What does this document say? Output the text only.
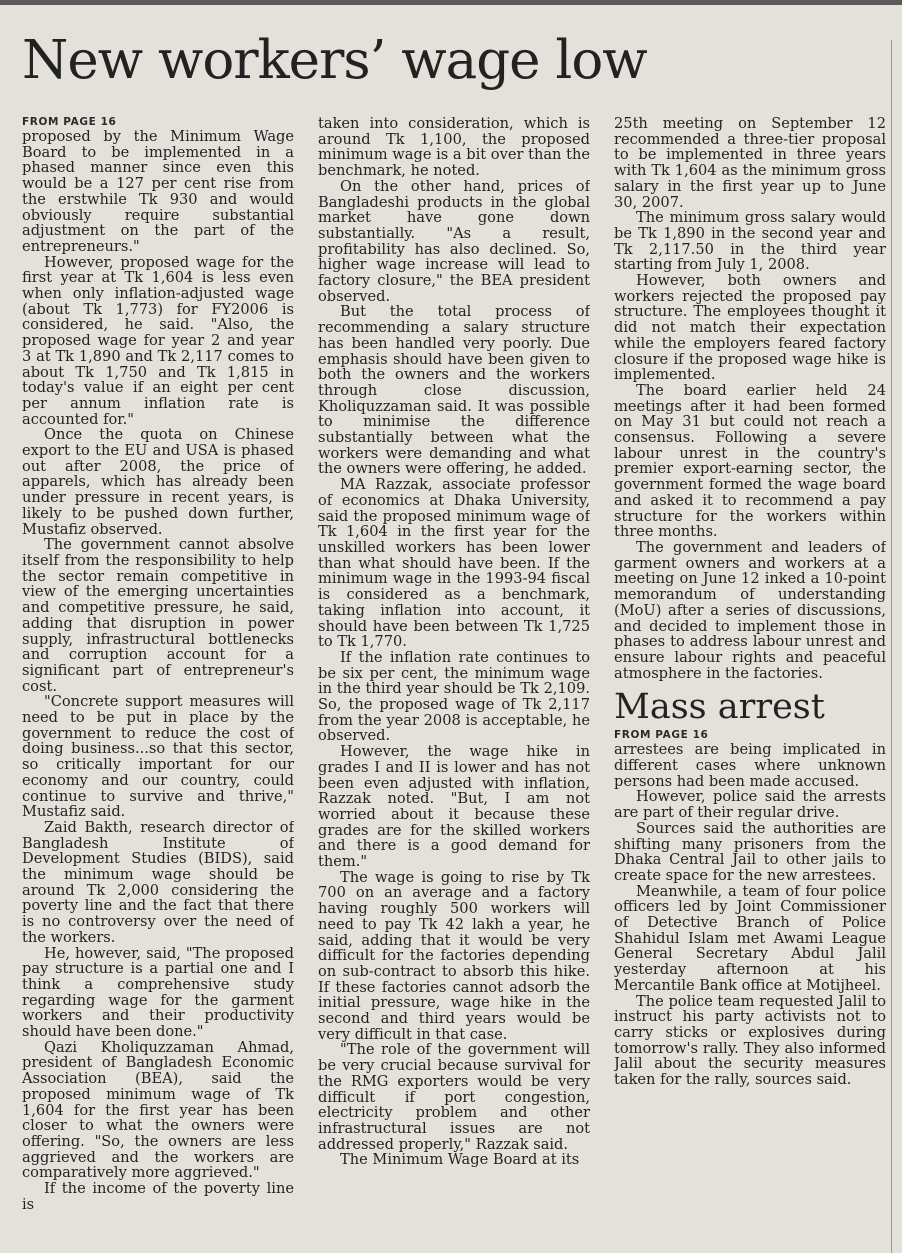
New workers’ wage low
FROM PAGE 16

proposed by the Minimum Wage Board to be implemented in a phased manner since even this would be a 127 per cent rise from the erstwhile Tk 930 and would obviously require substantial adjustment on the part of the entrepreneurs."

However, proposed wage for the first year at Tk 1,604 is less even when only inflation-adjusted wage (about Tk 1,773) for FY2006 is considered, he said. "Also, the proposed wage for year 2 and year 3 at Tk 1,890 and Tk 2,117 comes to about Tk 1,750 and Tk 1,815 in today's value if an eight per cent per annum inflation rate is accounted for."

Once the quota on Chinese export to the EU and USA is phased out after 2008, the price of apparels, which has already been under pressure in recent years, is likely to be pushed down further, Mustafiz observed.

The government cannot absolve itself from the responsibility to help the sector remain competitive in view of the emerging uncertainties and competitive pressure, he said, adding that disruption in power supply, infrastructural bottlenecks and corruption account for a significant part of entrepreneur's cost.

"Concrete support measures will need to be put in place by the government to reduce the cost of doing business...so that this sector, so critically important for our economy and our country, could continue to survive and thrive," Mustafiz said.

Zaid Bakth, research director of Bangladesh Institute of Development Studies (BIDS), said the minimum wage should be around Tk 2,000 considering the poverty line and the fact that there is no controversy over the need of the workers.

He, however, said, "The proposed pay structure is a partial one and I think a comprehensive study regarding wage for the garment workers and their productivity should have been done."

Qazi Kholiquzzaman Ahmad, president of Bangladesh Economic Association (BEA), said the proposed minimum wage of Tk 1,604 for the first year has been closer to what the owners were offering. "So, the owners are less aggrieved and the workers are comparatively more aggrieved."

If the income of the poverty line is

taken into consideration, which is around Tk 1,100, the proposed minimum wage is a bit over than the benchmark, he noted.

On the other hand, prices of Bangladeshi products in the global market have gone down substantially. "As a result, profitability has also declined. So, higher wage increase will lead to factory closure," the BEA president observed.

But the total process of recommending a salary structure has been handled very poorly. Due emphasis should have been given to both the owners and the workers through close discussion, Kholiquzzaman said. It was possible to minimise the difference substantially between what the workers were demanding and what the owners were offering, he added.

MA Razzak, associate professor of economics at Dhaka University, said the proposed minimum wage of Tk 1,604 in the first year for the unskilled workers has been lower than what should have been. If the minimum wage in the 1993-94 fiscal is considered as a benchmark, taking inflation into account, it should have been between Tk 1,725 to Tk 1,770.

If the inflation rate continues to be six per cent, the minimum wage in the third year should be Tk 2,109. So, the proposed wage of Tk 2,117 from the year 2008 is acceptable, he observed.

However, the wage hike in grades I and II is lower and has not been even adjusted with inflation, Razzak noted. "But, I am not worried about it because these grades are for the skilled workers and there is a good demand for them."

The wage is going to rise by Tk 700 on an average and a factory having roughly 500 workers will need to pay Tk 42 lakh a year, he said, adding that it would be very difficult for the factories depending on sub-contract to absorb this hike. If these factories cannot adsorb the initial pressure, wage hike in the second and third years would be very difficult in that case.

"The role of the government will be very crucial because survival for the RMG exporters would be very difficult if port congestion, electricity problem and other infrastructural issues are not addressed properly," Razzak said.

The Minimum Wage Board at its

25th meeting on September 12 recommended a three-tier proposal to be implemented in three years with Tk 1,604 as the minimum gross salary in the first year up to June 30, 2007.

The minimum gross salary would be Tk 1,890 in the second year and Tk 2,117.50 in the third year starting from July 1, 2008.

However, both owners and workers rejected the proposed pay structure. The employees thought it did not match their expectation while the employers feared factory closure if the proposed wage hike is implemented.

The board earlier held 24 meetings after it had been formed on May 31 but could not reach a consensus. Following a severe labour unrest in the country's premier export-earning sector, the government formed the wage board and asked it to recommend a pay structure for the workers within three months.

The government and leaders of garment owners and workers at a meeting on June 12 inked a 10-point memorandum of understanding (MoU) after a series of discussions, and decided to implement those in phases to address labour unrest and ensure labour rights and peaceful atmosphere in the factories.

Mass arrest
FROM PAGE 16

arrestees are being implicated in different cases where unknown persons had been made accused.

However, police said the arrests are part of their regular drive.

Sources said the authorities are shifting many prisoners from the Dhaka Central Jail to other jails to create space for the new arrestees.

Meanwhile, a team of four police officers led by Joint Commissioner of Detective Branch of Police Shahidul Islam met Awami League General Secretary Abdul Jalil yesterday afternoon at his Mercantile Bank office at Motijheel.

The police team requested Jalil to instruct his party activists not to carry sticks or explosives during tomorrow's rally. They also informed Jalil about the security measures taken for the rally, sources said.
